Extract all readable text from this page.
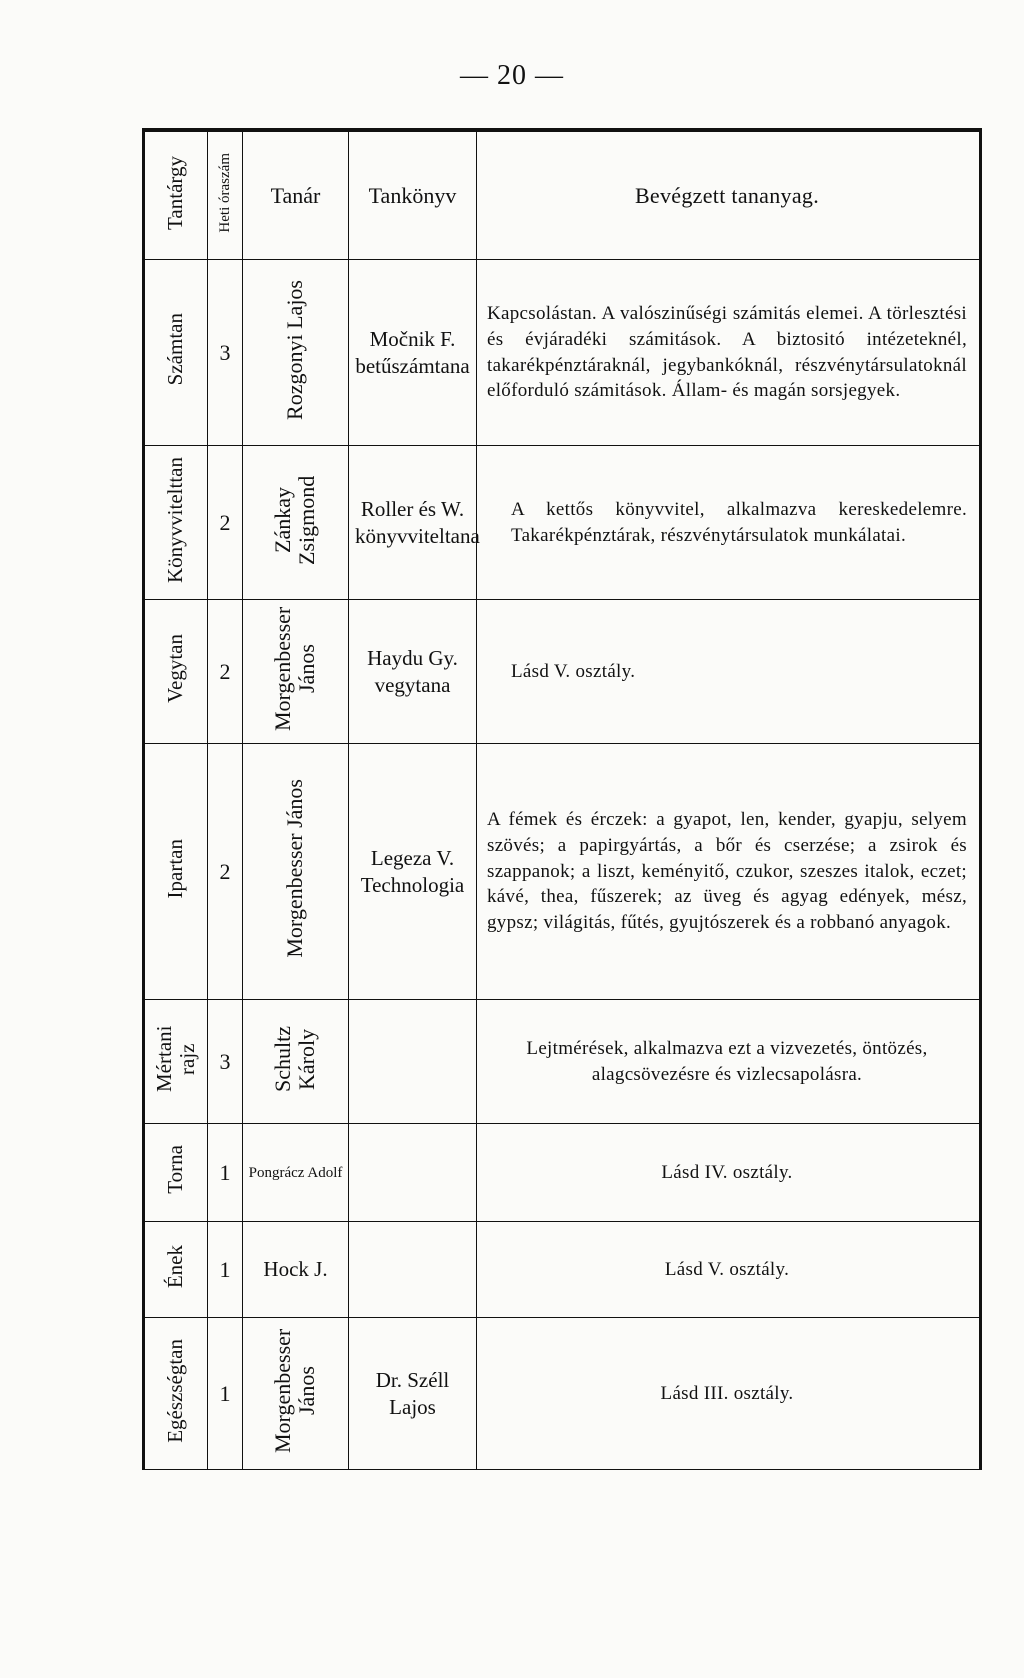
— 20 —
Tantárgy	Heti óraszám	Tanár	Tankönyv	Bevégzett tananyag.
Számtan	3	Rozgonyi Lajos	Močnik F. betűszámtana	Kapcsolástan. A valószinűségi számitás elemei. A törlesztési és évjáradéki számitások. A biztositó intézeteknél, takarékpénztáraknál, jegybankóknál, részvénytársulatoknál előforduló számitások. Állam- és magán sorsjegyek.
Könyvvitelttan	2	Zánkay Zsigmond	Roller és W. könyvviteltana	A kettős könyvvitel, alkalmazva kereskedelemre. Takarékpénztárak, részvénytársulatok munkálatai.
Vegytan	2	Morgenbesser János	Haydu Gy. vegytana	Lásd V. osztály.
Ipartan	2	Morgenbesser János	Legeza V. Technologia	A fémek és érczek: a gyapot, len, kender, gyapju, selyem szövés; a papirgyártás, a bőr és cserzése; a zsirok és szappanok; a liszt, keményitő, czukor, szeszes italok, eczet; kávé, thea, fűszerek; az üveg és agyag edények, mész, gypsz; világitás, fűtés, gyujtószerek és a robbanó anyagok.
Mértani rajz	3	Schultz Károly		Lejtmérések, alkalmazva ezt a vizvezetés, öntözés, alagcsövezésre és vizlecsapolásra.
Torna	1	Pongrácz Adolf		Lásd IV. osztály.
Ének	1	Hock J.		Lásd V. osztály.
Egészségtan	1	Morgenbesser János	Dr. Széll Lajos	Lásd III. osztály.
